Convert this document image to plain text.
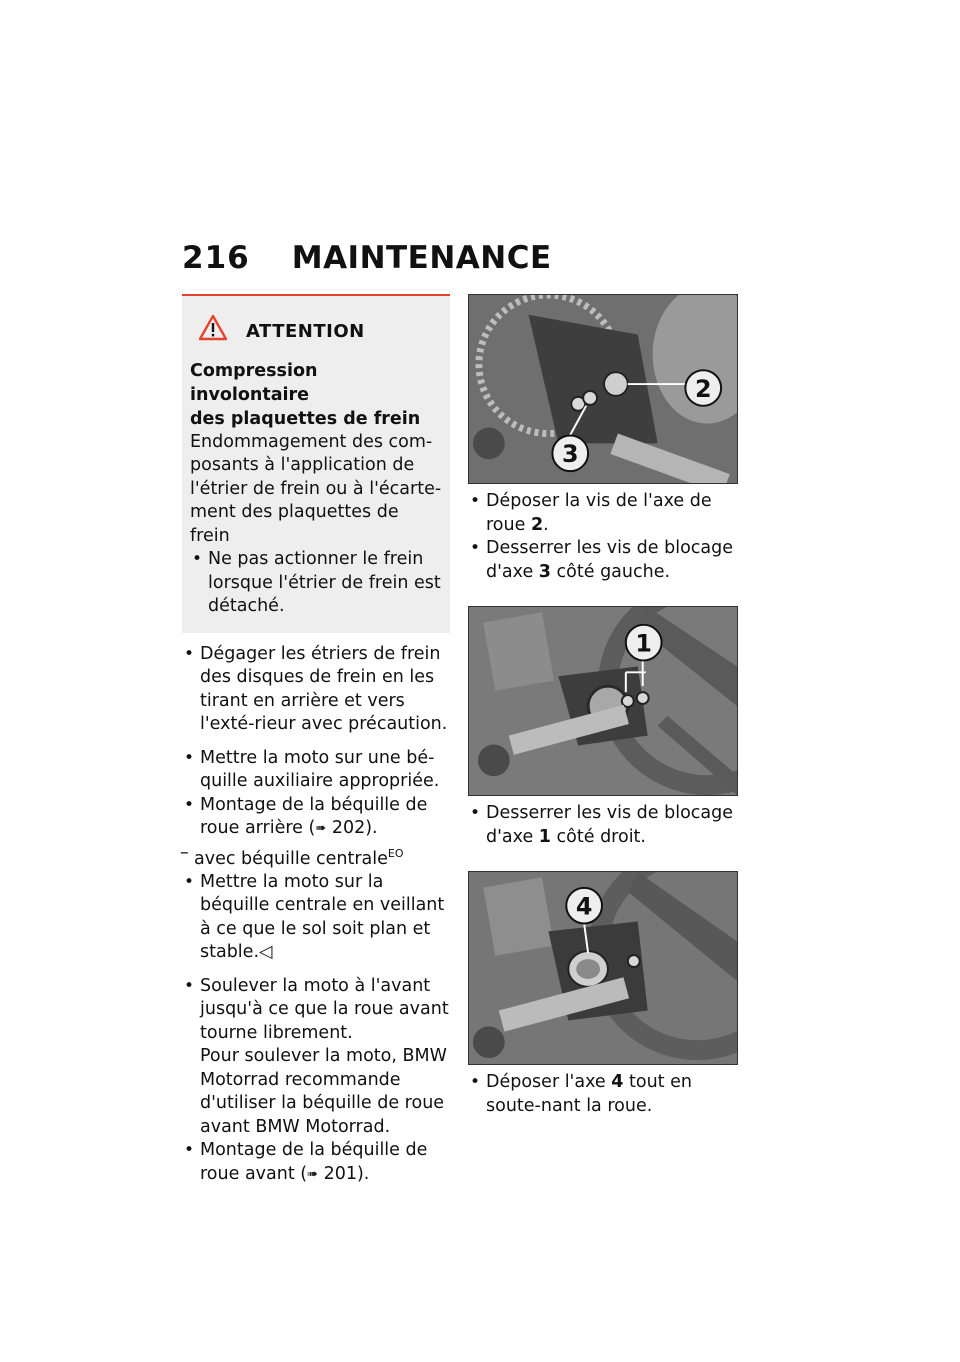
216 MAINTENANCE
ATTENTION
Compression involontaire
des plaquettes de frein
Endommagement des com-posants à l'application de l'étrier de frein ou à l'écarte-ment des plaquettes de frein
• Ne pas actionner le frein lorsque l'étrier de frein est détaché.
• Dégager les étriers de frein des disques de frein en les tirant en arrière et vers l'exté-rieur avec précaution.
• Mettre la moto sur une bé-quille auxiliaire appropriée.
• Montage de la béquille de roue arrière (➠ 202).
– avec béquille centrale$^{EO}$
• Mettre la moto sur la béquille centrale en veillant à ce que le sol soit plan et stable.◁
• Soulever la moto à l'avant jusqu'à ce que la roue avant tourne librement.
Pour soulever la moto, BMW Motorrad recommande d'utiliser la béquille de roue avant BMW Motorrad.
• Montage de la béquille de roue avant (➠ 201).
2
3
• Déposer la vis de l'axe de roue 2.
• Desserrer les vis de blocage d'axe 3 côté gauche.
1
• Desserrer les vis de blocage d'axe 1 côté droit.
4
• Déposer l'axe 4 tout en soute-nant la roue.
